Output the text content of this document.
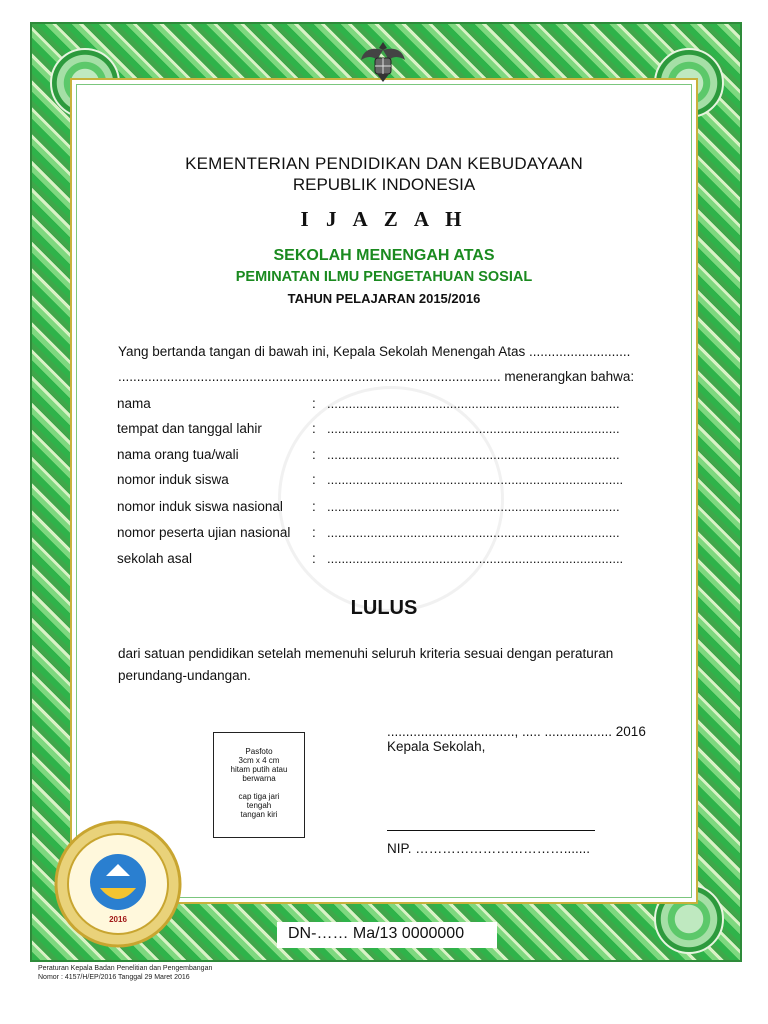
KEMENTERIAN PENDIDIKAN DAN KEBUDAYAAN
REPUBLIK INDONESIA
I J A Z A H
SEKOLAH MENENGAH ATAS
PEMINATAN ILMU PENGETAHUAN SOSIAL
TAHUN PELAJARAN 2015/2016
Yang bertanda tangan di bawah ini, Kepala Sekolah Menengah Atas ...........................
...................................................................................................... menerangkan bahwa:
nama	: .................................................................................
tempat dan tanggal lahir	: .................................................................................
nama orang tua/wali	: .................................................................................
nomor induk siswa	: ..................................................................................
nomor induk siswa nasional : .................................................................................
nomor peserta ujian nasional : .................................................................................
sekolah asal	: ..................................................................................
LULUS
dari satuan pendidikan setelah memenuhi seluruh kriteria sesuai dengan peraturan
perundang-undangan.
Pasfoto
3cm x 4 cm
hitam putih atau
berwarna
cap tiga jari
tengah
tangan kiri
.................................., ..... .................. 2016
Kepala Sekolah,
NIP. …………………………….......
2016
DN-…… Ma/13 0000000
Peraturan Kepala Badan Penelitian dan Pengembangan
Nomor : 4157/H/EP/2016 Tanggal 29 Maret 2016
